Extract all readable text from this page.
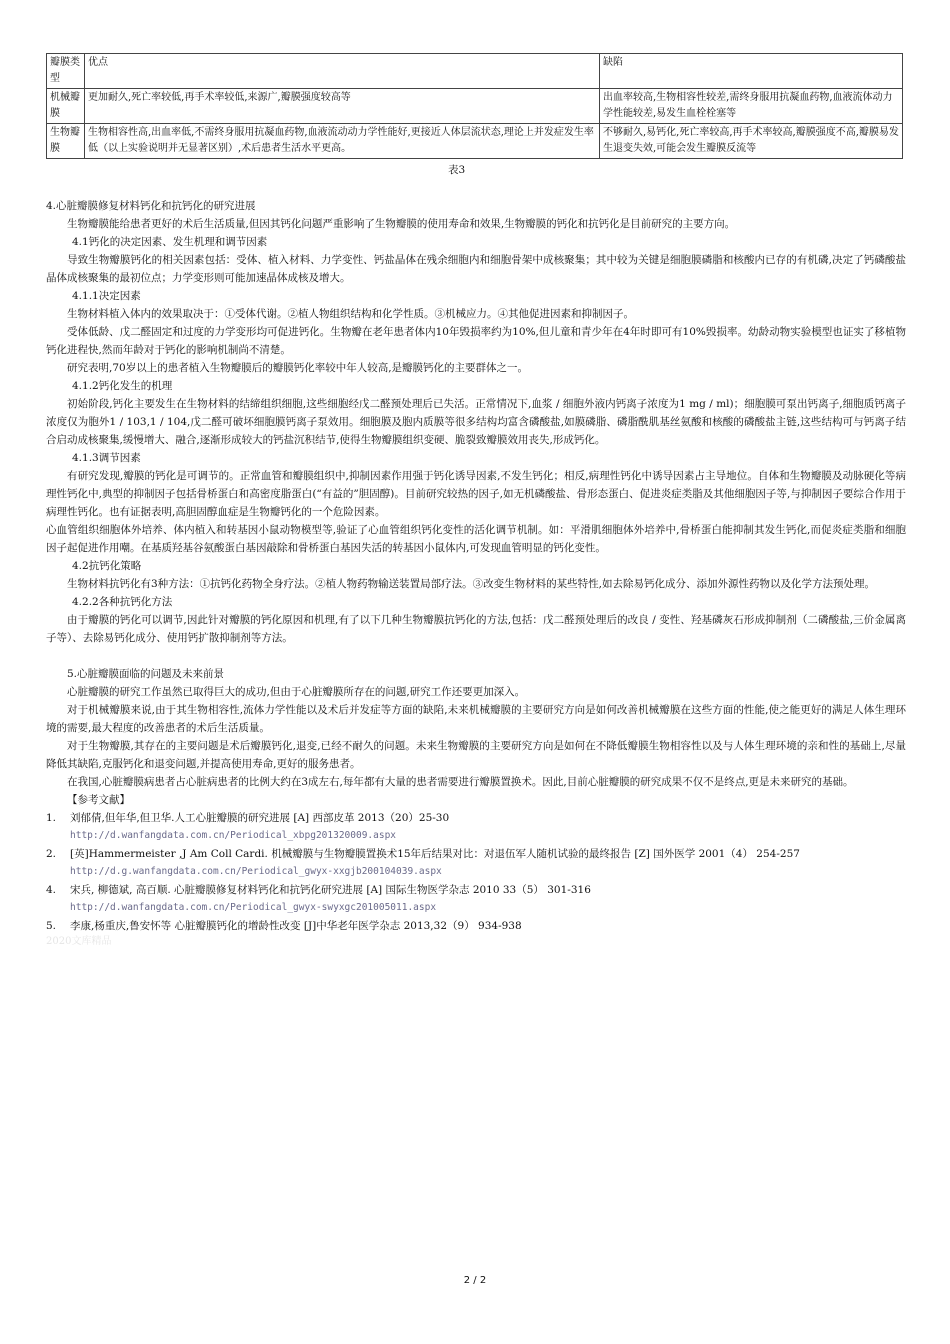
瓣膜类型	优点	缺陷
机械瓣膜	更加耐久,死亡率较低,再手术率较低,来源广,瓣膜强度较高等	出血率较高,生物相容性较差,需终身服用抗凝血药物,血液流体动力学性能较差,易发生血栓栓塞等
生物瓣膜	生物相容性高,出血率低,不需终身服用抗凝血药物,血液流动动力学性能好,更接近人体层流状态,理论上并发症发生率低（以上实验说明并无显著区别）,术后患者生活水平更高。	不够耐久,易钙化,死亡率较高,再手术率较高,瓣膜强度不高,瓣膜易发生退变失效,可能会发生瓣膜反流等
表3

4.心脏瓣膜修复材料钙化和抗钙化的研究进展

生物瓣膜能给患者更好的术后生活质量,但因其钙化问题严重影响了生物瓣膜的使用寿命和效果,生物瓣膜的钙化和抗钙化是目前研究的主要方向。

4.1钙化的决定因素、发生机理和调节因素

导致生物瓣膜钙化的相关因素包括：受体、植入材料、力学变性、钙盐晶体在残余细胞内和细胞骨架中成核聚集；其中较为关键是细胞膜磷脂和核酸内已存的有机磷,决定了钙磷酸盐晶体成核聚集的最初位点；力学变形则可能加速晶体成核及增大。

4.1.1决定因素

生物材料植入体内的效果取决于：①受体代谢。②植人物组织结构和化学性质。③机械应力。④其他促进因素和抑制因子。

受体低龄、戊二醛固定和过度的力学变形均可促进钙化。生物瓣在老年患者体内10年毁损率约为10%,但儿童和青少年在4年时即可有10%毁损率。幼龄动物实验模型也证实了移植物钙化进程快,然而年龄对于钙化的影响机制尚不清楚。

研究表明,70岁以上的患者植入生物瓣膜后的瓣膜钙化率较中年人较高,是瓣膜钙化的主要群体之一。

4.1.2钙化发生的机理

初始阶段,钙化主要发生在生物材料的结缔组织细胞,这些细胞经戊二醛预处理后已失活。正常情况下,血浆 / 细胞外液内钙离子浓度为1 mg / ml)；细胞膜可泵出钙离子,细胞质钙离子浓度仅为胞外1 / 103,1 / 104,戊二醛可破坏细胞膜钙离子泵效用。细胞膜及胞内质膜等很多结构均富含磷酸盐,如膜磷脂、磷脂酰肌基丝氨酸和核酸的磷酸盐主链,这些结构可与钙离子结合启动成核聚集,缓慢增大、融合,逐渐形成较大的钙盐沉积结节,使得生物瓣膜组织变硬、脆裂致瓣膜效用丧失,形成钙化。

4.1.3调节因素

有研究发现,瓣膜的钙化是可调节的。正常血管和瓣膜组织中,抑制因素作用强于钙化诱导因素,不发生钙化；相反,病理性钙化中诱导因素占主导地位。自体和生物瓣膜及动脉硬化等病理性钙化中,典型的抑制因子包括骨桥蛋白和高密度脂蛋白(“有益的”胆固醇)。目前研究较热的因子,如无机磷酸盐、骨形态蛋白、促进炎症类脂及其他细胞因子等,与抑制因子要综合作用于病理性钙化。也有证据表明,高胆固醇血症是生物瓣钙化的一个危险因素。

心血管组织细胞体外培养、体内植入和转基因小鼠动物模型等,验证了心血管组织钙化变性的活化调节机制。如：平滑肌细胞体外培养中,骨桥蛋白能抑制其发生钙化,而促炎症类脂和细胞因子起促进作用嘲。在基质羟基谷氨酸蛋白基因敲除和骨桥蛋白基因失活的转基因小鼠体内,可发现血管明显的钙化变性。

4.2抗钙化策略

生物材料抗钙化有3种方法：①抗钙化药物全身疗法。②植人物药物输送装置局部疗法。③改变生物材料的某些特性,如去除易钙化成分、添加外源性药物以及化学方法预处理。

4.2.2各种抗钙化方法

由于瓣膜的钙化可以调节,因此针对瓣膜的钙化原因和机理,有了以下几种生物瓣膜抗钙化的方法,包括：戊二醛预处理后的改良 / 变性、羟基磷灰石形成抑制剂（二磷酸盐,三价金属离子等）、去除易钙化成分、使用钙扩散抑制剂等方法。

5.心脏瓣膜面临的问题及未来前景

心脏瓣膜的研究工作虽然已取得巨大的成功,但由于心脏瓣膜所存在的问题,研究工作还要更加深入。

对于机械瓣膜来说,由于其生物相容性,流体力学性能以及术后并发症等方面的缺陷,未来机械瓣膜的主要研究方向是如何改善机械瓣膜在这些方面的性能,使之能更好的满足人体生理环境的需要,最大程度的改善患者的术后生活质量。

对于生物瓣膜,其存在的主要问题是术后瓣膜钙化,退变,已经不耐久的问题。未来生物瓣膜的主要研究方向是如何在不降低瓣膜生物相容性以及与人体生理环境的亲和性的基础上,尽量降低其缺陷,克服钙化和退变问题,并提高使用寿命,更好的服务患者。

在我国,心脏瓣膜病患者占心脏病患者的比例大约在3成左右,每年都有大量的患者需要进行瓣膜置换术。因此,目前心脏瓣膜的研究成果不仅不是终点,更是未来研究的基础。

【参考文献】

1.	刘郁倩,但年华,但卫华.人工心脏瓣膜的研究进展 [A] 西部皮革 2013（20）25-30
http://d.wanfangdata.com.cn/Periodical_xbpg201320009.aspx
2.	[英]Hammermeister ,J Am Coll Cardi. 机械瓣膜与生物瓣膜置换术15年后结果对比：对退伍军人随机试验的最终报告 [Z] 国外医学 2001（4） 254-257
http://d.g.wanfangdata.com.cn/Periodical_gwyx-xxgjb200104039.aspx
4.	宋兵, 柳德斌, 高百顺. 心脏瓣膜修复材料钙化和抗钙化研究进展 [A] 国际生物医学杂志 2010 33（5） 301-316
http://d.wanfangdata.com.cn/Periodical_gwyx-swyxgc201005011.aspx
5.	李康,杨重庆,鲁安怀等 心脏瓣膜钙化的增龄性改变 [J]中华老年医学杂志 2013,32（9） 934-938
2020文库精品
2 / 2
